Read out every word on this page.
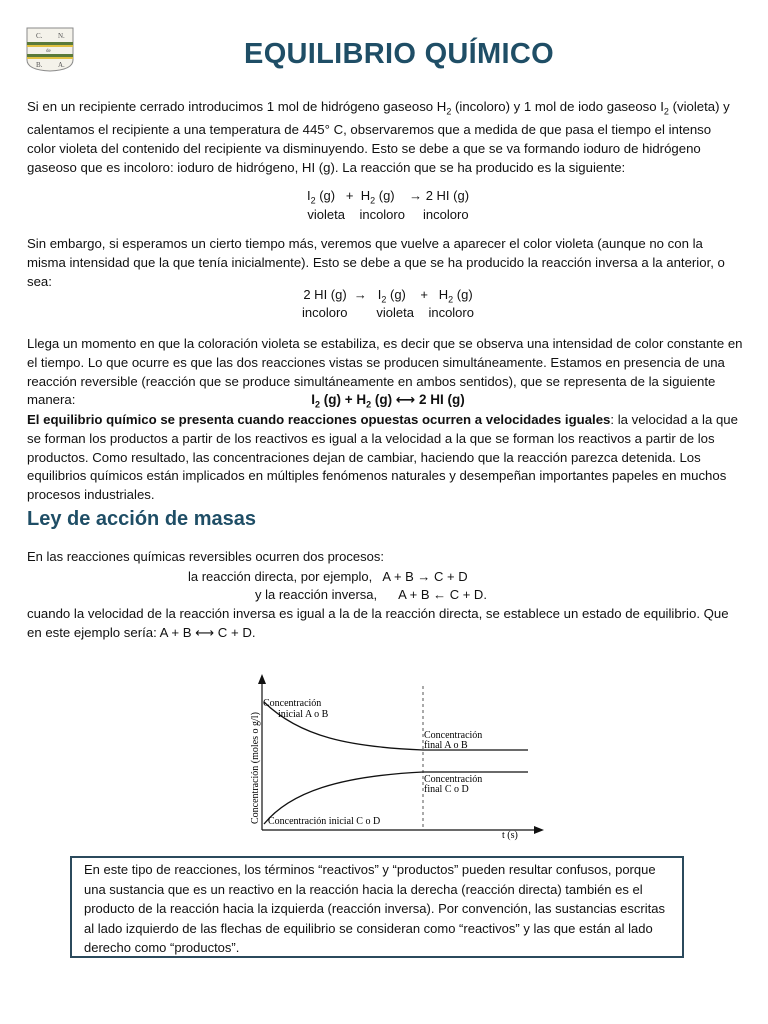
C. N.
de
B. A.	EQUILIBRIO QUÍMICO

Si en un recipiente cerrado introducimos 1 mol de hidrógeno gaseoso $H_2$ (incoloro) y 1 mol de iodo gaseoso $I_2$ (violeta) y calentamos el recipiente a una temperatura de 445° C, observaremos que a medida de que pasa el tiempo el intenso color violeta del contenido del recipiente va disminuyendo. Esto se debe a que se va formando ioduro de hidrógeno gaseoso que es incoloro: ioduro de hidrógeno, HI (g). La reacción que se ha producido es la siguiente:

$I_2$ $(g) + H_2$ (g)    → 2 HI (g)
violeta    incoloro     incoloro

Sin embargo, si esperamos un cierto tiempo más, veremos que vuelve a aparecer el color violeta (aunque no con la misma intensidad que la que tenía inicialmente). Esto se debe a que se ha producido la reacción inversa a la anterior, o sea:

2 HI $(g) \to I_2$ (g)    +   $H_2$ (g)
incoloro        violeta    incoloro

Llega un momento en que la coloración violeta se estabiliza, es decir que se observa una intensidad de color constante en el tiempo. Lo que ocurre es que las dos reacciones vistas se producen simultáneamente. Estamos en presencia de una reacción reversible (reacción que se produce simultáneamente en ambos sentidos), que se representa de la siguiente manera:	$I_2$ $(g) + H_2$ (g) ⟷ 2 HI (g)

El equilibrio químico se presenta cuando reacciones opuestas ocurren a velocidades iguales: la velocidad a la que se forman los productos a partir de los reactivos es igual a la velocidad a la que se forman los reactivos a partir de los productos. Como resultado, las concentraciones dejan de cambiar, haciendo que la reacción parezca detenida. Los equilibrios químicos están implicados en múltiples fenómenos naturales y desempeñan importantes papeles en muchos procesos industriales.

Ley de acción de masas
En las reacciones químicas reversibles ocurren dos procesos:
la reacción directa, por ejemplo,   A + B → C + D
y la reacción inversa,      A + B ← C + D.

cuando la velocidad de la reacción inversa es igual a la de la reacción directa, se establece un estado de equilibrio. Que en este ejemplo sería: A + B ⟷ C + D.

Concentración
inicial A o B
Concentración
final A o B
Concentración
final C o D
Concentración inicial C o D
t (s)
Concentración (moles o g/l)
En este tipo de reacciones, los términos “reactivos” y “productos” pueden resultar confusos, porque una sustancia que es un reactivo en la reacción hacia la derecha (reacción directa) también es el producto de la reacción hacia la izquierda (reacción inversa). Por convención, las sustancias escritas al lado izquierdo de las flechas de equilibrio se consideran como “reactivos” y las que están al lado derecho como “productos”.
